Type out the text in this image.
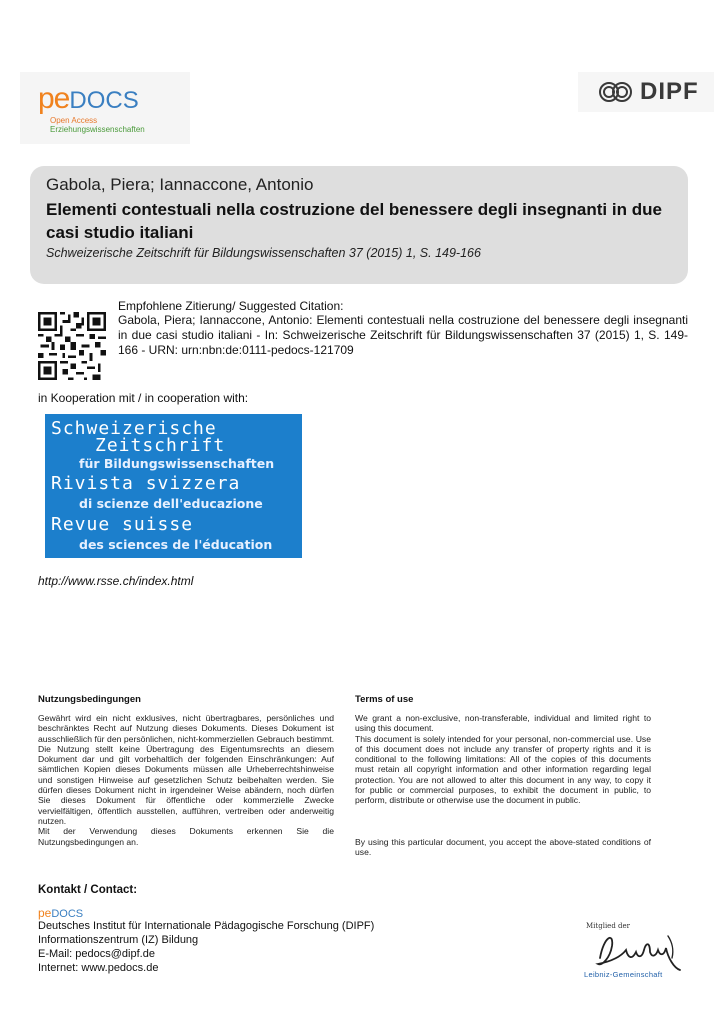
peDOCS
Open Access Erziehungswissenschaften
DIPF
Gabola, Piera; Iannaccone, Antonio
Elementi contestuali nella costruzione del benessere degli insegnanti in due casi studio italiani
Schweizerische Zeitschrift für Bildungswissenschaften 37 (2015) 1, S. 149-166
Empfohlene Zitierung/ Suggested Citation:
Gabola, Piera; Iannaccone, Antonio: Elementi contestuali nella costruzione del benessere degli insegnanti in due casi studio italiani - In: Schweizerische Zeitschrift für Bildungswissenschaften 37 (2015) 1, S. 149-166 - URN: urn:nbn:de:0111-pedocs-121709
in Kooperation mit / in cooperation with:
Schweizerische
Zeitschrift
für Bildungswissenschaften
Rivista svizzera
di scienze dell'educazione
Revue suisse
des sciences de l'éducation
http://www.rsse.ch/index.html
Nutzungsbedingungen
Gewährt wird ein nicht exklusives, nicht übertragbares, persönliches und beschränktes Recht auf Nutzung dieses Dokuments. Dieses Dokument ist ausschließlich für den persönlichen, nicht-kommerziellen Gebrauch bestimmt. Die Nutzung stellt keine Übertragung des Eigentumsrechts an diesem Dokument dar und gilt vorbehaltlich der folgenden Einschränkungen: Auf sämtlichen Kopien dieses Dokuments müssen alle Urheberrechtshinweise und sonstigen Hinweise auf gesetzlichen Schutz beibehalten werden. Sie dürfen dieses Dokument nicht in irgendeiner Weise abändern, noch dürfen Sie dieses Dokument für öffentliche oder kommerzielle Zwecke vervielfältigen, öffentlich ausstellen, aufführen, vertreiben oder anderweitig nutzen.
Mit der Verwendung dieses Dokuments erkennen Sie die Nutzungsbedingungen an.
Terms of use
We grant a non-exclusive, non-transferable, individual and limited right to using this document.
This document is solely intended for your personal, non-commercial use. Use of this document does not include any transfer of property rights and it is conditional to the following limitations: All of the copies of this documents must retain all copyright information and other information regarding legal protection. You are not allowed to alter this document in any way, to copy it for public or commercial purposes, to exhibit the document in public, to perform, distribute or otherwise use the document in public.
By using this particular document, you accept the above-stated conditions of use.
Kontakt / Contact:
peDOCS
Deutsches Institut für Internationale Pädagogische Forschung (DIPF)
Informationszentrum (IZ) Bildung
E-Mail: pedocs@dipf.de
Internet: www.pedocs.de
Mitglied der
Leibniz-Gemeinschaft
